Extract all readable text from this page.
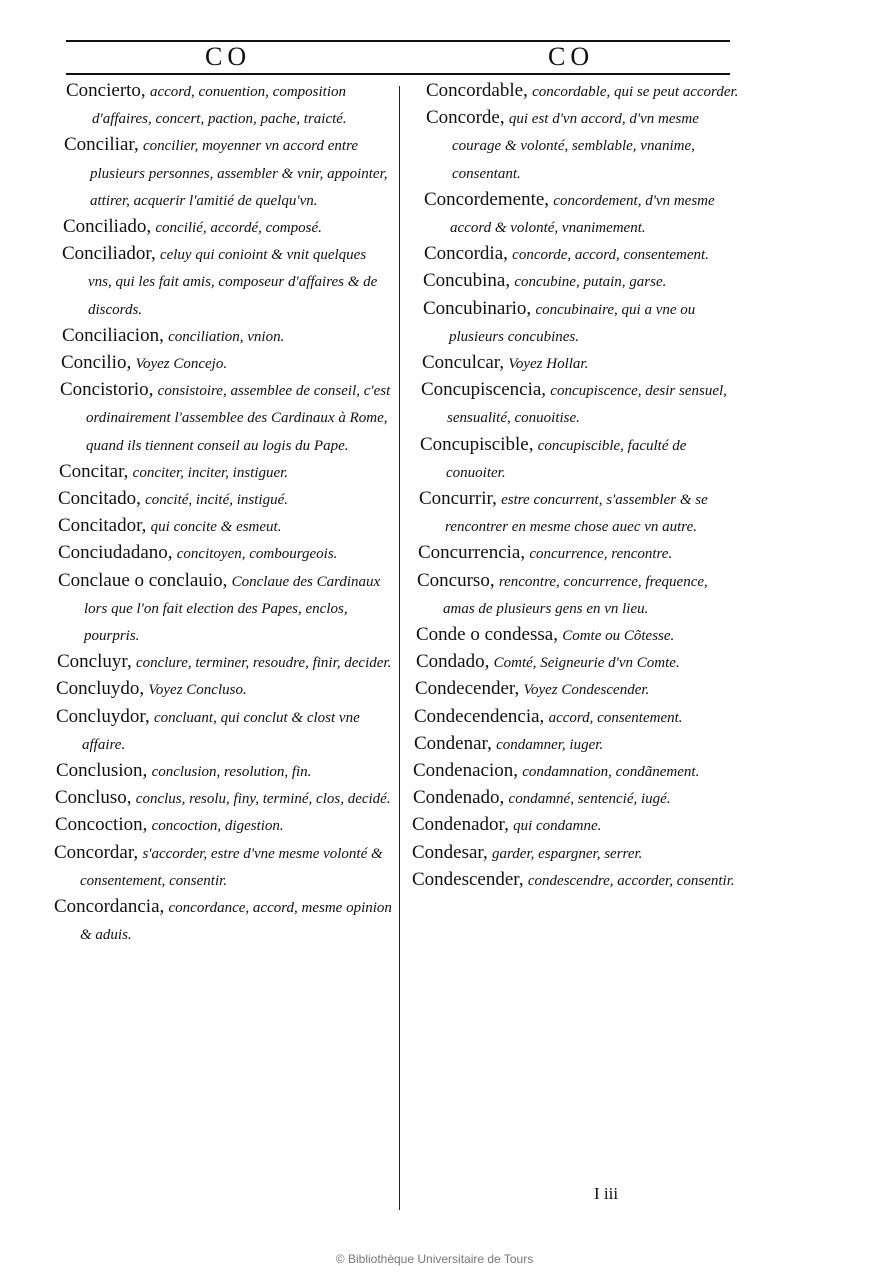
CO	CO

Concierto, accord, conuention, composition d'affaires, concert, paction, pache, traicté.

Conciliar, concilier, moyenner vn accord entre plusieurs personnes, assembler & vnir, appointer, attirer, acquerir l'amitié de quelqu'vn.

Conciliado, concilié, accordé, composé.

Conciliador, celuy qui conioint & vnit quelques vns, qui les fait amis, composeur d'affaires & de discords.

Conciliacion, conciliation, vnion.

Concilio, Voyez Concejo.

Concistorio, consistoire, assemblee de conseil, c'est ordinairement l'assemblee des Cardinaux à Rome, quand ils tiennent conseil au logis du Pape.

Concitar, conciter, inciter, instiguer.

Concitado, concité, incité, instigué.

Concitador, qui concite & esmeut.

Conciudadano, concitoyen, combourgeois.

Conclaue o conclauio, Conclaue des Cardinaux lors que l'on fait election des Papes, enclos, pourpris.

Concluyr, conclure, terminer, resoudre, finir, decider.

Concluydo, Voyez Concluso.

Concluydor, concluant, qui conclut & clost vne affaire.

Conclusion, conclusion, resolution, fin.

Concluso, conclus, resolu, finy, terminé, clos, decidé.

Concoction, concoction, digestion.

Concordar, s'accorder, estre d'vne mesme volonté & consentement, consentir.

Concordancia, concordance, accord, mesme opinion & aduis.

Concordable, concordable, qui se peut accorder.

Concorde, qui est d'vn accord, d'vn mesme courage & volonté, semblable, vnanime, consentant.

Concordemente, concordement, d'vn mesme accord & volonté, vnanimement.

Concordia, concorde, accord, consentement.

Concubina, concubine, putain, garse.

Concubinario, concubinaire, qui a vne ou plusieurs concubines.

Conculcar, Voyez Hollar.

Concupiscencia, concupiscence, desir sensuel, sensualité, conuoitise.

Concupiscible, concupiscible, faculté de conuoiter.

Concurrir, estre concurrent, s'assembler & se rencontrer en mesme chose auec vn autre.

Concurrencia, concurrence, rencontre.

Concurso, rencontre, concurrence, frequence, amas de plusieurs gens en vn lieu.

Conde o condessa, Comte ou Cõtesse.

Condado, Comté, Seigneurie d'vn Comte.

Condecender, Voyez Condescender.

Condecendencia, accord, consentement.

Condenar, condamner, iuger.

Condenacion, condamnation, condãnement.

Condenado, condamné, sentencié, iugé.

Condenador, qui condamne.

Condesar, garder, espargner, serrer.

Condescender, condescendre, accorder, consentir.

I iii
© Bibliothèque Universitaire de Tours
